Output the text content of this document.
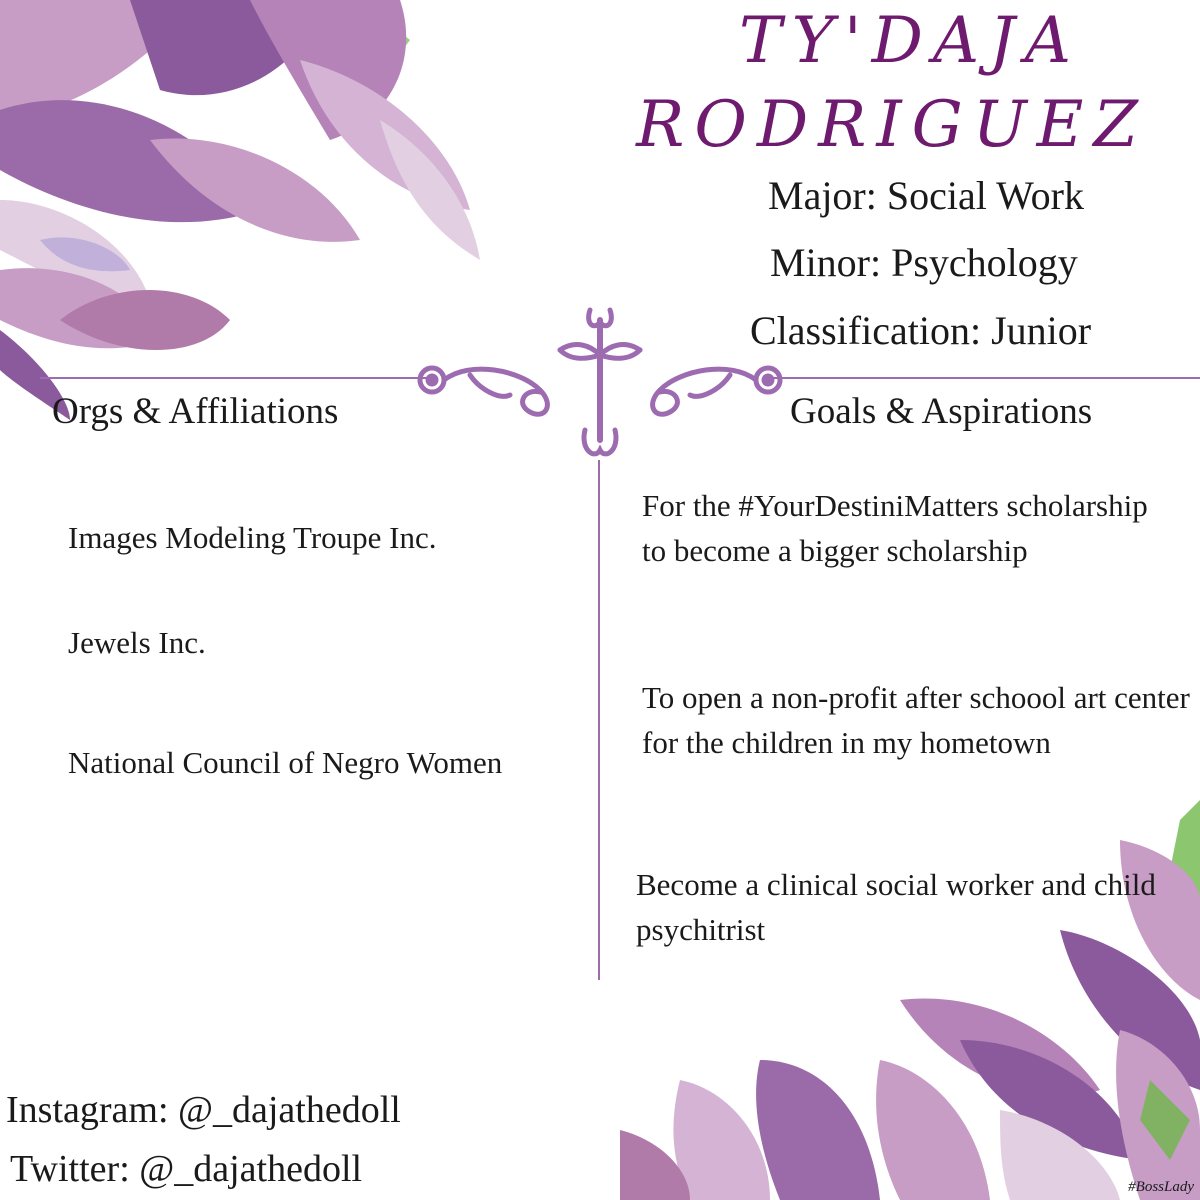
TY'DAJA
RODRIGUEZ
Major: Social Work
Minor: Psychology
Classification: Junior
Orgs & Affiliations	Goals & Aspirations
Images Modeling Troupe Inc.
Jewels Inc.
National Council of Negro Women
For the #YourDestiniMatters scholarship to become a bigger scholarship
To open a non-profit after schoool art center for the children in my hometown
Become a clinical social worker and child psychitrist
Instagram: @_dajathedoll
Twitter: @_dajathedoll	#BossLady
